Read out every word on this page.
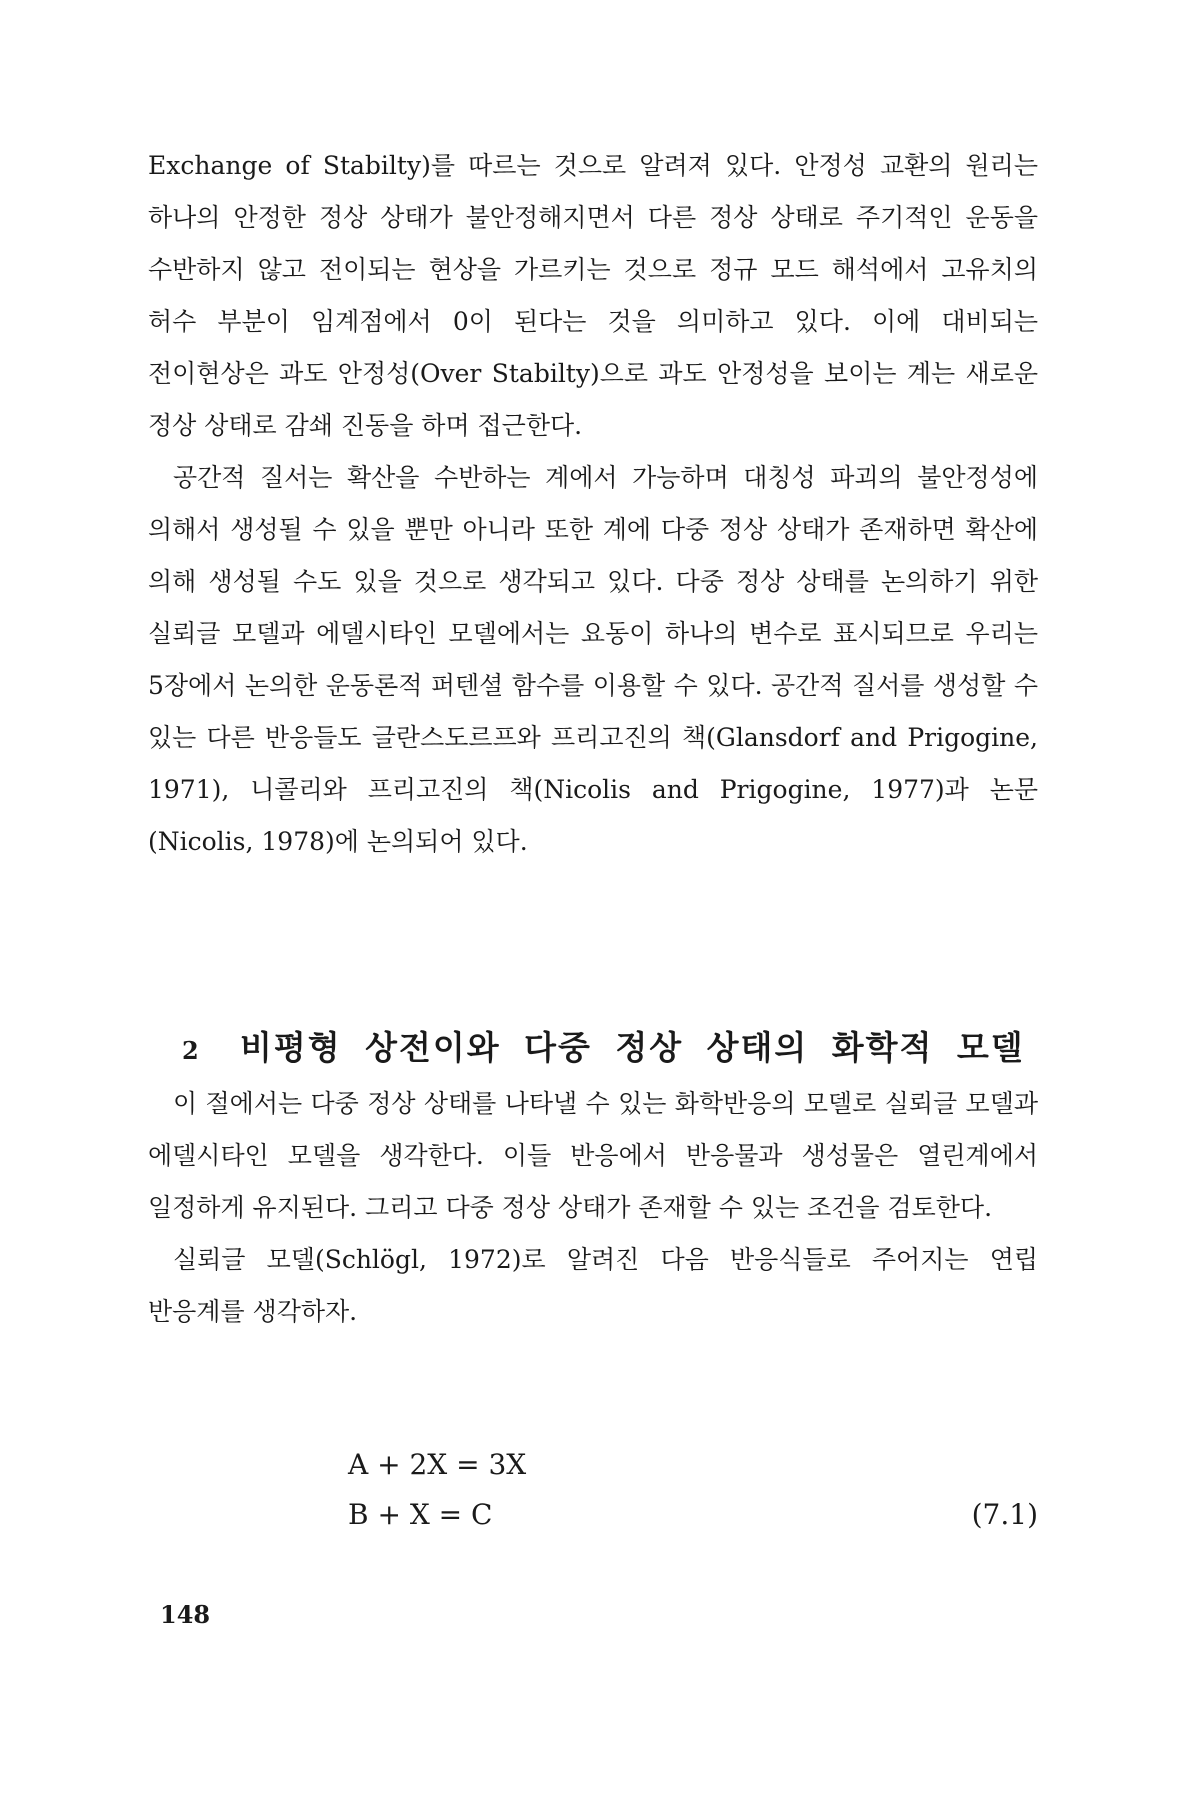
Exchange of Stabilty)를 따르는 것으로 알려져 있다. 안정성 교환의 원리는 하나의 안정한 정상 상태가 불안정해지면서 다른 정상 상태로 주기적인 운동을 수반하지 않고 전이되는 현상을 가르키는 것으로 정규 모드 해석에서 고유치의 허수 부분이 임계점에서 0이 된다는 것을 의미하고 있다. 이에 대비되는 전이현상은 과도 안정성(Over Stabilty)으로 과도 안정성을 보이는 계는 새로운 정상 상태로 감쇄 진동을 하며 접근한다.

공간적 질서는 확산을 수반하는 계에서 가능하며 대칭성 파괴의 불안정성에 의해서 생성될 수 있을 뿐만 아니라 또한 계에 다중 정상 상태가 존재하면 확산에 의해 생성될 수도 있을 것으로 생각되고 있다. 다중 정상 상태를 논의하기 위한 실뢰글 모델과 에델시타인 모델에서는 요동이 하나의 변수로 표시되므로 우리는 5장에서 논의한 운동론적 퍼텐셜 함수를 이용할 수 있다. 공간적 질서를 생성할 수 있는 다른 반응들도 글란스도르프와 프리고진의 책(Glansdorf and Prigogine, 1971), 니콜리와 프리고진의 책(Nicolis and Prigogine, 1977)과 논문(Nicolis, 1978)에 논의되어 있다.

2 비평형 상전이와 다중 정상 상태의 화학적 모델

이 절에서는 다중 정상 상태를 나타낼 수 있는 화학반응의 모델로 실뢰글 모델과 에델시타인 모델을 생각한다. 이들 반응에서 반응물과 생성물은 열린계에서 일정하게 유지된다. 그리고 다중 정상 상태가 존재할 수 있는 조건을 검토한다.

실뢰글 모델(Schlögl, 1972)로 알려진 다음 반응식들로 주어지는 연립 반응계를 생각하자.

A + 2X = 3X
B + X = C	(7.1)
148
